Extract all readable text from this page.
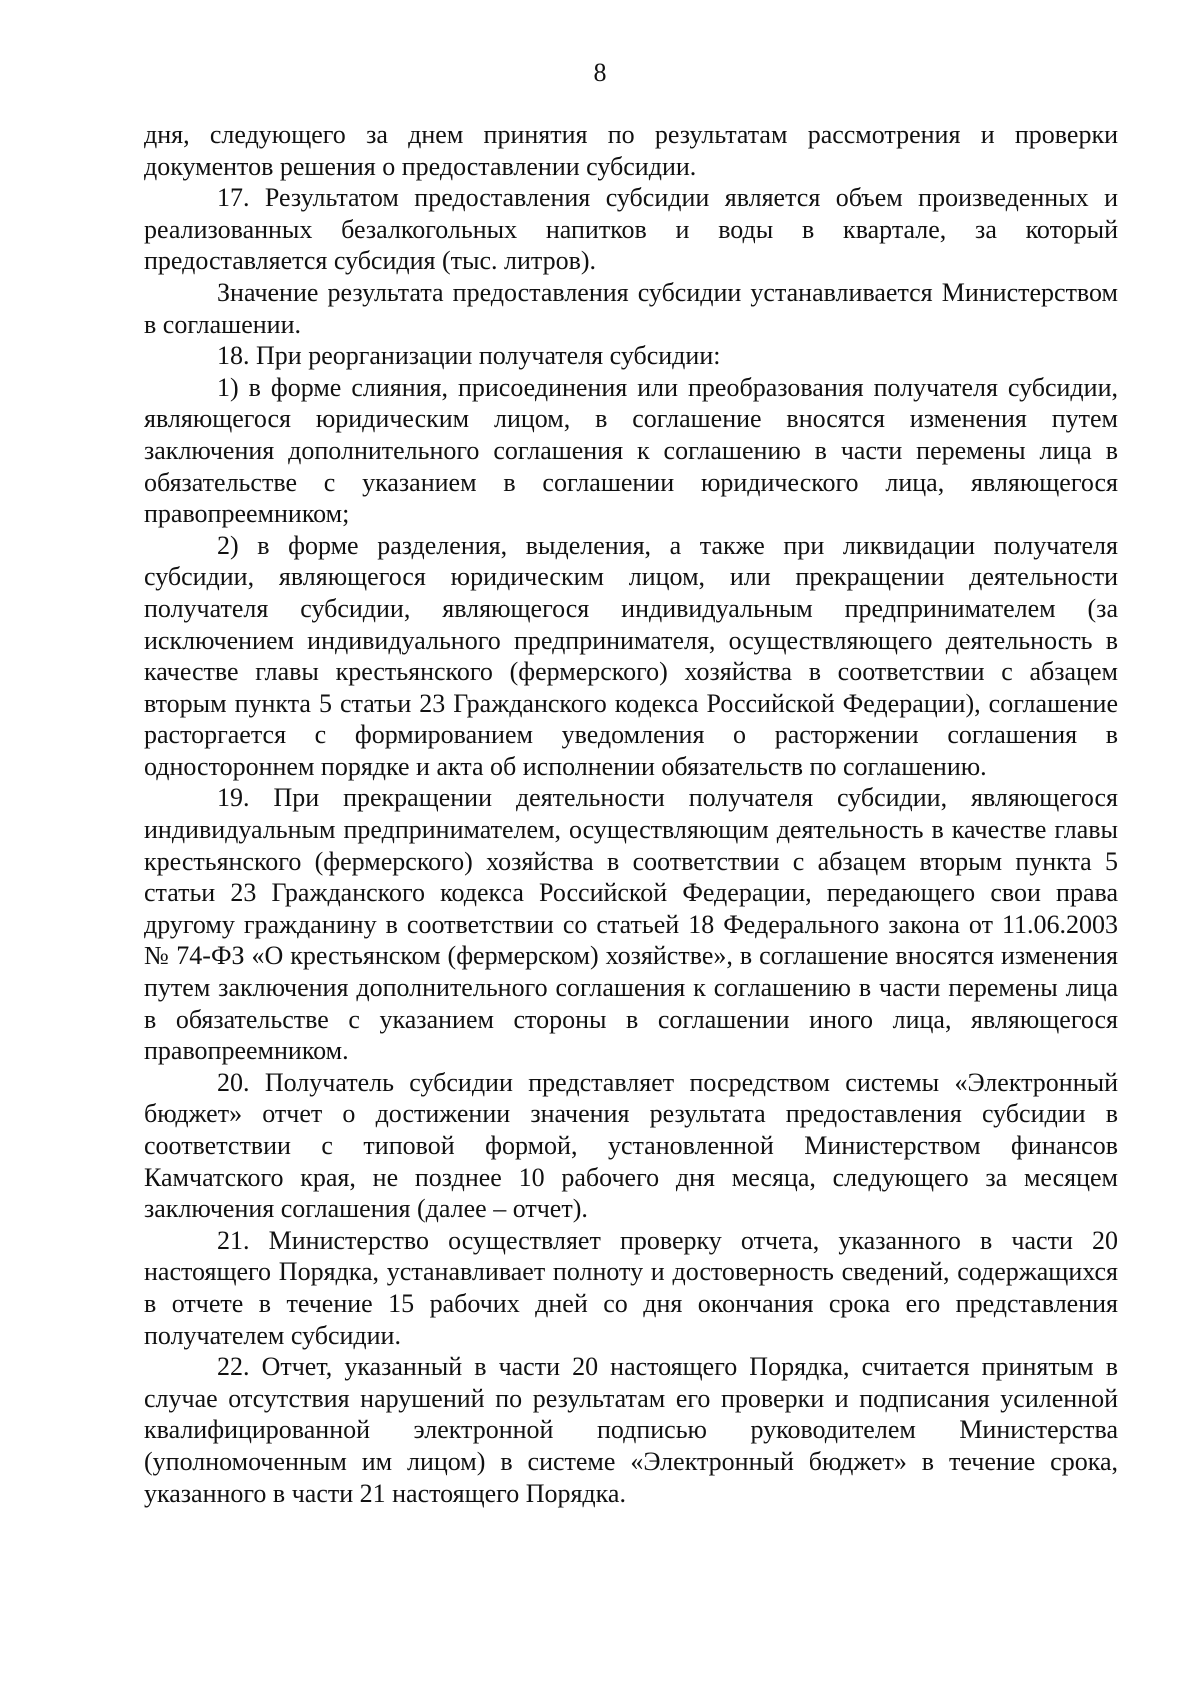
8

дня, следующего за днем принятия по результатам рассмотрения и проверки документов решения о предоставлении субсидии.

17. Результатом предоставления субсидии является объем произведенных и реализованных безалкогольных напитков и воды в квартале, за который предоставляется субсидия (тыс. литров).

Значение результата предоставления субсидии устанавливается Министерством в соглашении.

18. При реорганизации получателя субсидии:

1) в форме слияния, присоединения или преобразования получателя субсидии, являющегося юридическим лицом, в соглашение вносятся изменения путем заключения дополнительного соглашения к соглашению в части перемены лица в обязательстве с указанием в соглашении юридического лица, являющегося правопреемником;

2) в форме разделения, выделения, а также при ликвидации получателя субсидии, являющегося юридическим лицом, или прекращении деятельности получателя субсидии, являющегося индивидуальным предпринимателем (за исключением индивидуального предпринимателя, осуществляющего деятельность в качестве главы крестьянского (фермерского) хозяйства в соответствии с абзацем вторым пункта 5 статьи 23 Гражданского кодекса Российской Федерации), соглашение расторгается с формированием уведомления о расторжении соглашения в одностороннем порядке и акта об исполнении обязательств по соглашению.

19. При прекращении деятельности получателя субсидии, являющегося индивидуальным предпринимателем, осуществляющим деятельность в качестве главы крестьянского (фермерского) хозяйства в соответствии с абзацем вторым пункта 5 статьи 23 Гражданского кодекса Российской Федерации, передающего свои права другому гражданину в соответствии со статьей 18 Федерального закона от 11.06.2003 № 74-ФЗ «О крестьянском (фермерском) хозяйстве», в соглашение вносятся изменения путем заключения дополнительного соглашения к соглашению в части перемены лица в обязательстве с указанием стороны в соглашении иного лица, являющегося правопреемником.

20. Получатель субсидии представляет посредством системы «Электронный бюджет» отчет о достижении значения результата предоставления субсидии в соответствии с типовой формой, установленной Министерством финансов Камчатского края, не позднее 10 рабочего дня месяца, следующего за месяцем заключения соглашения (далее – отчет).

21. Министерство осуществляет проверку отчета, указанного в части 20 настоящего Порядка, устанавливает полноту и достоверность сведений, содержащихся в отчете в течение 15 рабочих дней со дня окончания срока его представления получателем субсидии.

22. Отчет, указанный в части 20 настоящего Порядка, считается принятым в случае отсутствия нарушений по результатам его проверки и подписания усиленной квалифицированной электронной подписью руководителем Министерства (уполномоченным им лицом) в системе «Электронный бюджет» в течение срока, указанного в части 21 настоящего Порядка.
